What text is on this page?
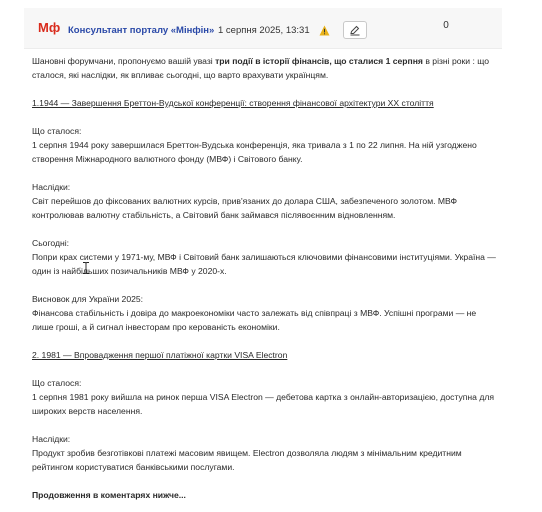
Мф Консультант порталу «Мінфін» 1 серпня 2025, 13:31	0

Шановні форумчани, пропонуємо вашій увазі три події в історії фінансів, що сталися 1 серпня в різні роки : що сталося, які наслідки, як впливає сьогодні, що варто врахувати українцям.

1.1944 — Завершення Бреттон-Вудської конференції: створення фінансової архітектури XX століття

Що сталося:

1 серпня 1944 року завершилася Бреттон-Вудська конференція, яка тривала з 1 по 22 липня. На ній узгоджено створення Міжнародного валютного фонду (МВФ) і Світового банку.

Наслідки:

Світ перейшов до фіксованих валютних курсів, прив'язаних до долара США, забезпеченого золотом. МВФ контролював валютну стабільність, а Світовий банк займався післявоєнним відновленням.

Сьогодні:

Попри крах системи у 1971-му, МВФ і Світовий банк залишаються ключовими фінансовими інституціями. Україна — один із найбільших позичальників МВФ у 2020-х.

Висновок для України 2025:

Фінансова стабільність і довіра до макроекономіки часто залежать від співпраці з МВФ. Успішні програми — не лише гроші, а й сигнал інвесторам про керованість економіки.

2. 1981 — Впровадження першої платіжної картки VISA Electron

Що сталося:

1 серпня 1981 року вийшла на ринок перша VISA Electron — дебетова картка з онлайн-авторизацією, доступна для широких верств населення.

Наслідки:

Продукт зробив безготівкові платежі масовим явищем. Electron дозволяла людям з мінімальним кредитним рейтингом користуватися банківськими послугами.

Продовження в коментарях нижче...
